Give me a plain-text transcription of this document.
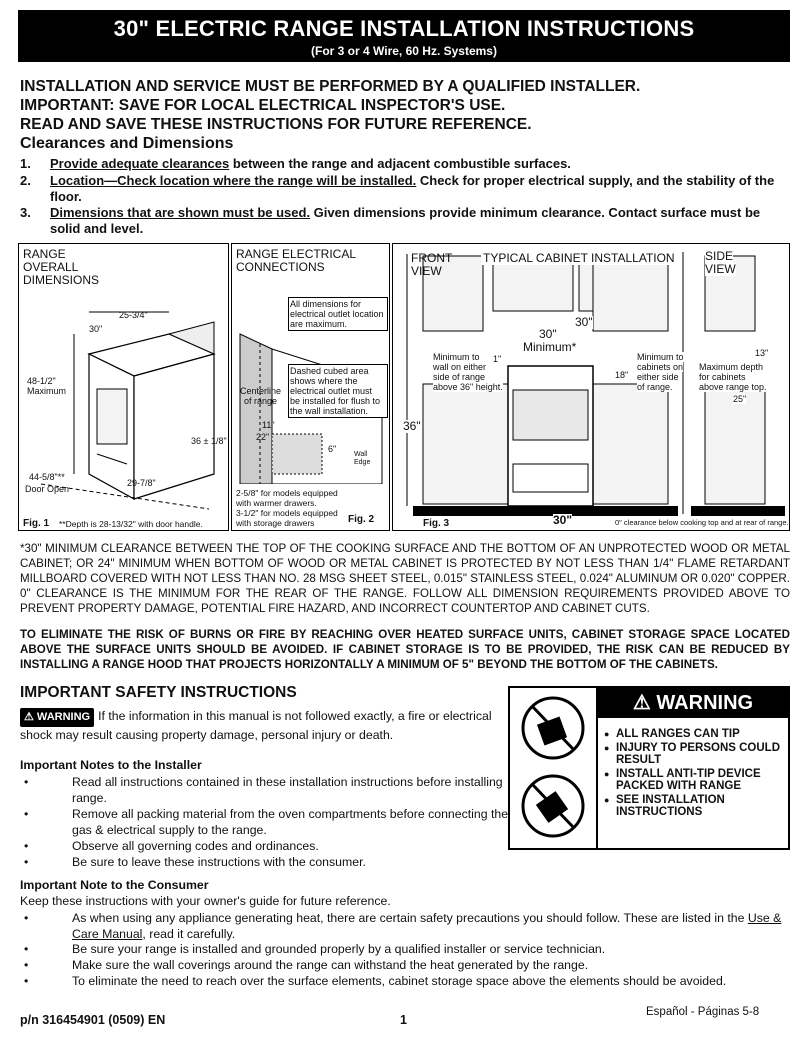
30" ELECTRIC RANGE INSTALLATION INSTRUCTIONS
(For 3 or 4 Wire, 60 Hz. Systems)
INSTALLATION AND SERVICE MUST BE PERFORMED BY A QUALIFIED INSTALLER.
IMPORTANT: SAVE FOR LOCAL ELECTRICAL INSPECTOR'S USE.
READ AND SAVE THESE INSTRUCTIONS FOR FUTURE REFERENCE.
Clearances and Dimensions
1. Provide adequate clearances between the range and adjacent combustible surfaces.
2. Location—Check location where the range will be installed. Check for proper electrical supply, and the stability of the floor.
3. Dimensions that are shown must be used. Given dimensions provide minimum clearance. Contact surface must be solid and level.
RANGE
OVERALL
DIMENSIONS
25-3/4"
30"
48-1/2"
Maximum
36 ± 1/8"
44-5/8"**
Door Open
29-7/8"
Fig. 1 **Depth is 28-13/32" with door handle.
RANGE ELECTRICAL
CONNECTIONS
All dimensions for
electrical outlet location
are maximum.
Centerline
of range
Dashed cubed area
shows where the
electrical outlet must
be installed for flush to
the wall installation.
11"
22"
6"
Wall
Edge
2-5/8" for models equipped
with warmer drawers.
3-1/2" for models equipped
with storage drawers	Fig. 2
FRONT
VIEW
TYPICAL CABINET INSTALLATION	SIDE
VIEW
30"
30"
Minimum*
Minimum to
wall on either
side of range
above 36" height.
1"
18"
Minimum to
cabinets on
either side
of range.
36"
30"
13"
Maximum depth
for cabinets
above range top.
25"
Fig. 3	0" clearance below cooking top and at rear of range.
*30" MINIMUM CLEARANCE BETWEEN THE TOP OF THE COOKING SURFACE AND THE BOTTOM OF AN UNPROTECTED WOOD OR METAL CABINET; OR 24" MINIMUM WHEN BOTTOM OF WOOD OR METAL CABINET IS PROTECTED BY NOT LESS THAN 1/4" FLAME RETARDANT MILLBOARD COVERED WITH NOT LESS THAN NO. 28 MSG SHEET STEEL, 0.015" STAINLESS STEEL, 0.024" ALUMINUM OR 0.020" COPPER. 0" CLEARANCE IS THE MINIMUM FOR THE REAR OF THE RANGE. FOLLOW ALL DIMENSION REQUIREMENTS PROVIDED ABOVE TO PREVENT PROPERTY DAMAGE, POTENTIAL FIRE HAZARD, AND INCORRECT COUNTERTOP AND CABINET CUTS.
TO ELIMINATE THE RISK OF BURNS OR FIRE BY REACHING OVER HEATED SURFACE UNITS, CABINET STORAGE SPACE LOCATED ABOVE THE SURFACE UNITS SHOULD BE AVOIDED. IF CABINET STORAGE IS TO BE PROVIDED, THE RISK CAN BE REDUCED BY INSTALLING A RANGE HOOD THAT PROJECTS HORIZONTALLY A MINIMUM OF 5" BEYOND THE BOTTOM OF THE CABINETS.
IMPORTANT SAFETY INSTRUCTIONS
⚠ WARNING If the information in this manual is not followed exactly, a fire or electrical shock may result causing property damage, personal injury or death.
Important Notes to the Installer
•	Read all instructions contained in these installation instructions before installing range.
•	Remove all packing material from the oven compartments before connecting the gas & electrical supply to the range.
•	Observe all governing codes and ordinances.
•	Be sure to leave these instructions with the consumer.
Important Note to the Consumer
Keep these instructions with your owner's guide for future reference.
•	As when using any appliance generating heat, there are certain safety precautions you should follow. These are listed in the Use & Care Manual, read it carefully.
•	Be sure your range is installed and grounded properly by a qualified installer or service technician.
•	Make sure the wall coverings around the range can withstand the heat generated by the range.
•	To eliminate the need to reach over the surface elements, cabinet storage space above the elements should be avoided.
⚠ WARNING
● ALL RANGES CAN TIP
● INJURY TO PERSONS COULD RESULT
● INSTALL ANTI-TIP DEVICE PACKED WITH RANGE
● SEE INSTALLATION INSTRUCTIONS
p/n 316454901 (0509) EN	1
Español - Páginas 5-8
